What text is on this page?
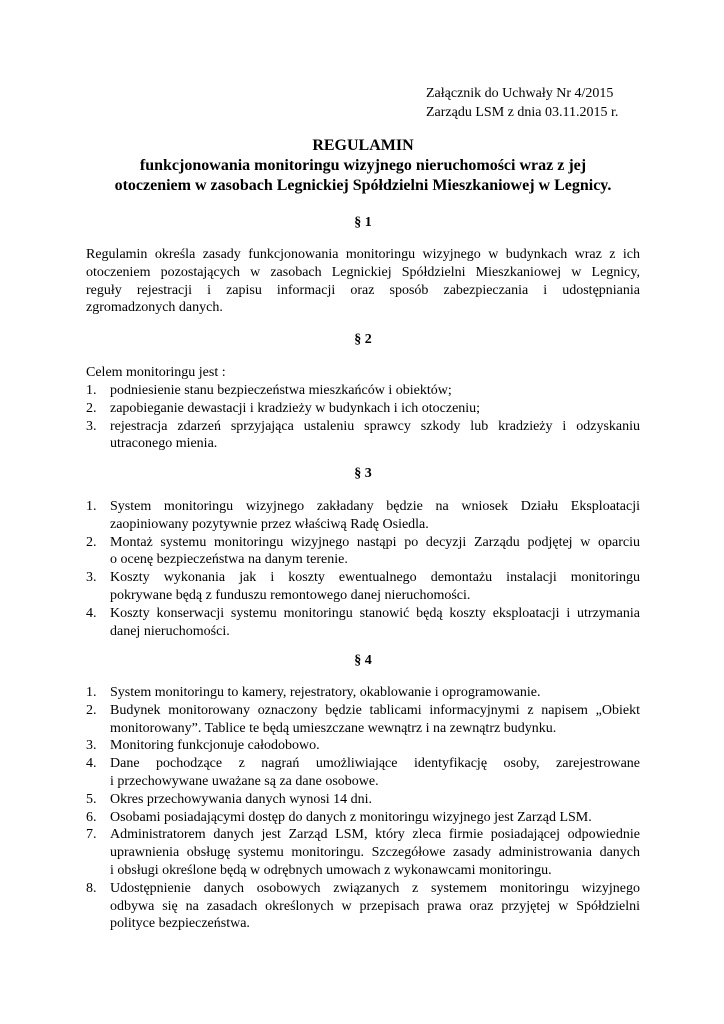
Załącznik do Uchwały Nr 4/2015
Zarządu LSM z dnia 03.11.2015 r.
REGULAMIN
funkcjonowania monitoringu wizyjnego nieruchomości wraz z jej
otoczeniem w zasobach Legnickiej Spółdzielni Mieszkaniowej w Legnicy.
§ 1
Regulamin określa zasady funkcjonowania monitoringu wizyjnego w budynkach wraz z ich
otoczeniem pozostających w zasobach Legnickiej Spółdzielni Mieszkaniowej w Legnicy,
reguły rejestracji i zapisu informacji oraz sposób zabezpieczania i udostępniania
zgromadzonych danych.
§ 2
Celem monitoringu jest :
1. podniesienie stanu bezpieczeństwa mieszkańców i obiektów;
2. zapobieganie dewastacji i kradzieży w budynkach i ich otoczeniu;
3. rejestracja zdarzeń sprzyjająca ustaleniu sprawcy szkody lub kradzieży i odzyskaniu
utraconego mienia.
§ 3
1. System monitoringu wizyjnego zakładany będzie na wniosek Działu Eksploatacji
zaopiniowany pozytywnie przez właściwą Radę Osiedla.
2. Montaż systemu monitoringu wizyjnego nastąpi po decyzji Zarządu podjętej w oparciu
o ocenę bezpieczeństwa na danym terenie.
3. Koszty wykonania jak i koszty ewentualnego demontażu instalacji monitoringu
pokrywane będą z funduszu remontowego danej nieruchomości.
4. Koszty konserwacji systemu monitoringu stanowić będą koszty eksploatacji i utrzymania
danej nieruchomości.
§ 4
1. System monitoringu to kamery, rejestratory, okablowanie i oprogramowanie.
2. Budynek monitorowany oznaczony będzie tablicami informacyjnymi z napisem „Obiekt
monitorowany”. Tablice te będą umieszczane wewnątrz i na zewnątrz budynku.
3. Monitoring funkcjonuje całodobowo.
4. Dane pochodzące z nagrań umożliwiające identyfikację osoby, zarejestrowane
i przechowywane uważane są za dane osobowe.
5. Okres przechowywania danych wynosi 14 dni.
6. Osobami posiadającymi dostęp do danych z monitoringu wizyjnego jest Zarząd LSM.
7. Administratorem danych jest Zarząd LSM, który zleca firmie posiadającej odpowiednie
uprawnienia obsługę systemu monitoringu. Szczegółowe zasady administrowania danych
i obsługi określone będą w odrębnych umowach z wykonawcami monitoringu.
8. Udostępnienie danych osobowych związanych z systemem monitoringu wizyjnego
odbywa się na zasadach określonych w przepisach prawa oraz przyjętej w Spółdzielni
polityce bezpieczeństwa.
